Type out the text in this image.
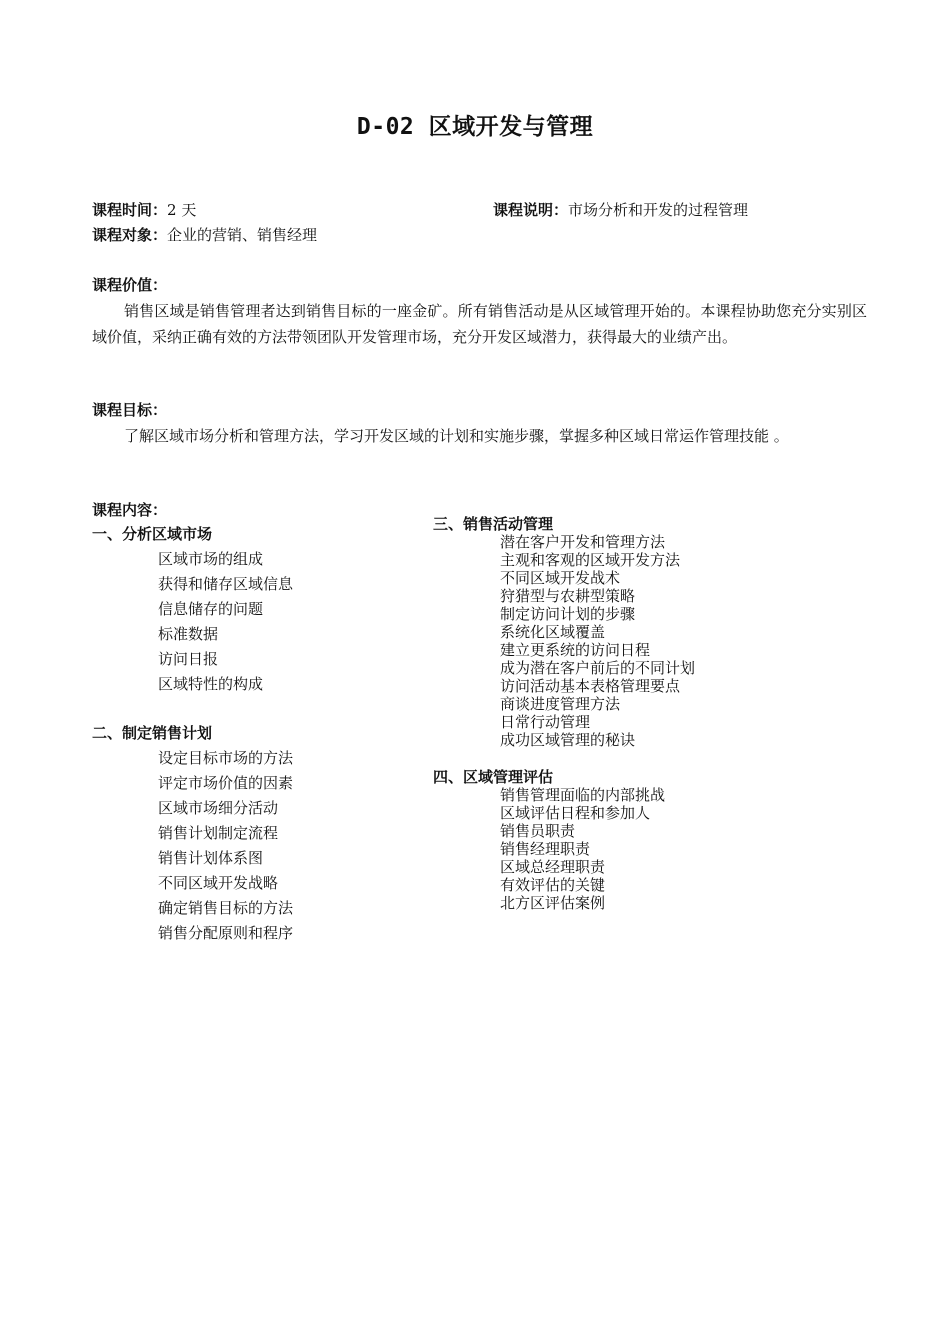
D-02 区域开发与管理
课程时间：2 天	课程说明：市场分析和开发的过程管理
课程对象：企业的营销、销售经理
课程价值：
销售区域是销售管理者达到销售目标的一座金矿。所有销售活动是从区域管理开始的。本课程协助您充分实别区域价值，采纳正确有效的方法带领团队开发管理市场，充分开发区域潜力，获得最大的业绩产出。
课程目标：
了解区域市场分析和管理方法，学习开发区域的计划和实施步骤，掌握多种区域日常运作管理技能 。
课程内容：
一、分析区域市场
区域市场的组成
获得和储存区域信息
信息储存的问题
标准数据
访问日报
区域特性的构成
二、制定销售计划
设定目标市场的方法
评定市场价值的因素
区域市场细分活动
销售计划制定流程
销售计划体系图
不同区域开发战略
确定销售目标的方法
销售分配原则和程序
三、销售活动管理
潜在客户开发和管理方法
主观和客观的区域开发方法
不同区域开发战术
狩猎型与农耕型策略
制定访问计划的步骤
系统化区域覆盖
建立更系统的访问日程
成为潜在客户前后的不同计划
访问活动基本表格管理要点
商谈进度管理方法
日常行动管理
成功区域管理的秘诀
四、区域管理评估
销售管理面临的内部挑战
区域评估日程和参加人
销售员职责
销售经理职责
区域总经理职责
有效评估的关键
北方区评估案例
